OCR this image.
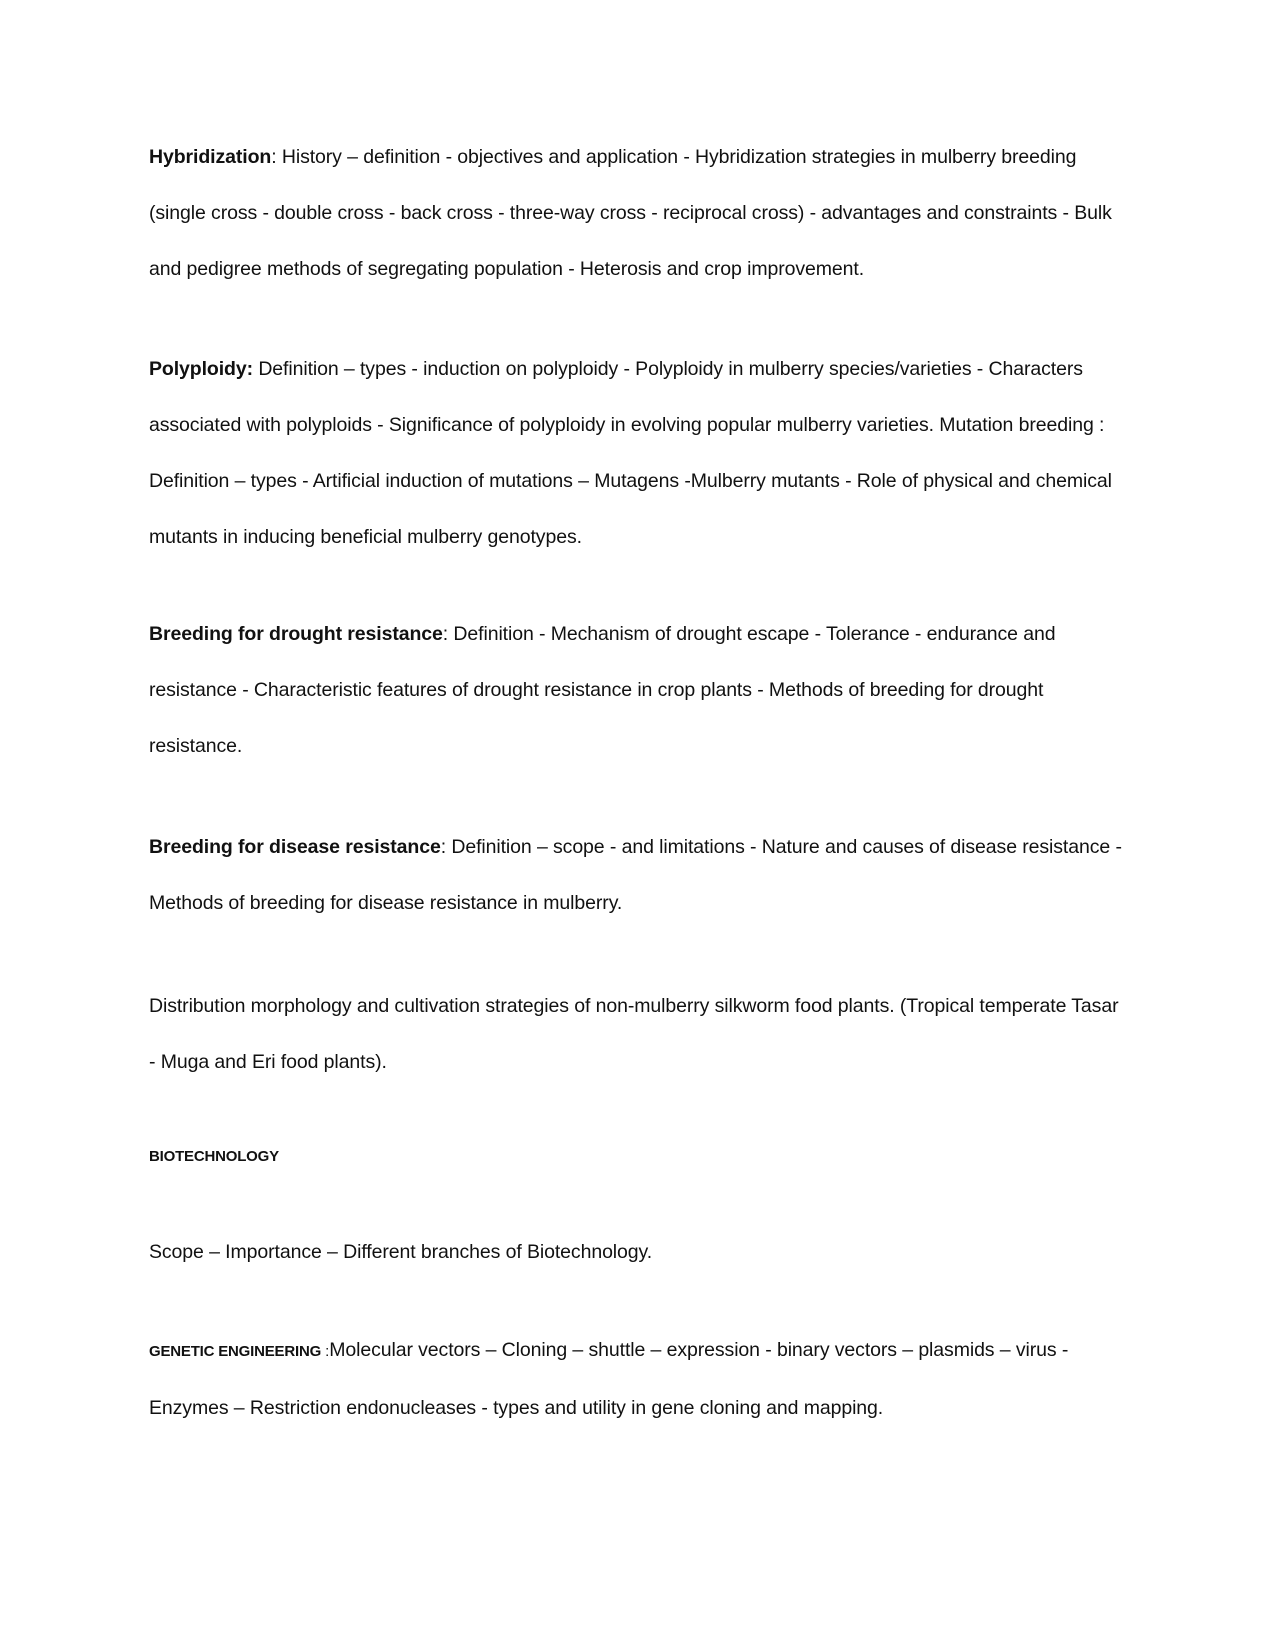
Hybridization: History – definition - objectives and application - Hybridization strategies in mulberry breeding (single cross - double cross - back cross - three-way cross - reciprocal cross) - advantages and constraints - Bulk and pedigree methods of segregating population - Heterosis and crop improvement.

Polyploidy: Definition – types - induction on polyploidy - Polyploidy in mulberry species/varieties - Characters associated with polyploids - Significance of polyploidy in evolving popular mulberry varieties. Mutation breeding : Definition – types - Artificial induction of mutations – Mutagens -Mulberry mutants - Role of physical and chemical mutants in inducing beneficial mulberry genotypes.

Breeding for drought resistance: Definition - Mechanism of drought escape - Tolerance - endurance and resistance - Characteristic features of drought resistance in crop plants - Methods of breeding for drought resistance.

Breeding for disease resistance: Definition – scope - and limitations - Nature and causes of disease resistance - Methods of breeding for disease resistance in mulberry.

Distribution morphology and cultivation strategies of non-mulberry silkworm food plants. (Tropical temperate Tasar - Muga and Eri food plants).

BIOTECHNOLOGY

Scope – Importance – Different branches of Biotechnology.

GENETIC ENGINEERING :Molecular vectors – Cloning – shuttle – expression - binary vectors – plasmids – virus - Enzymes – Restriction endonucleases - types and utility in gene cloning and mapping.
